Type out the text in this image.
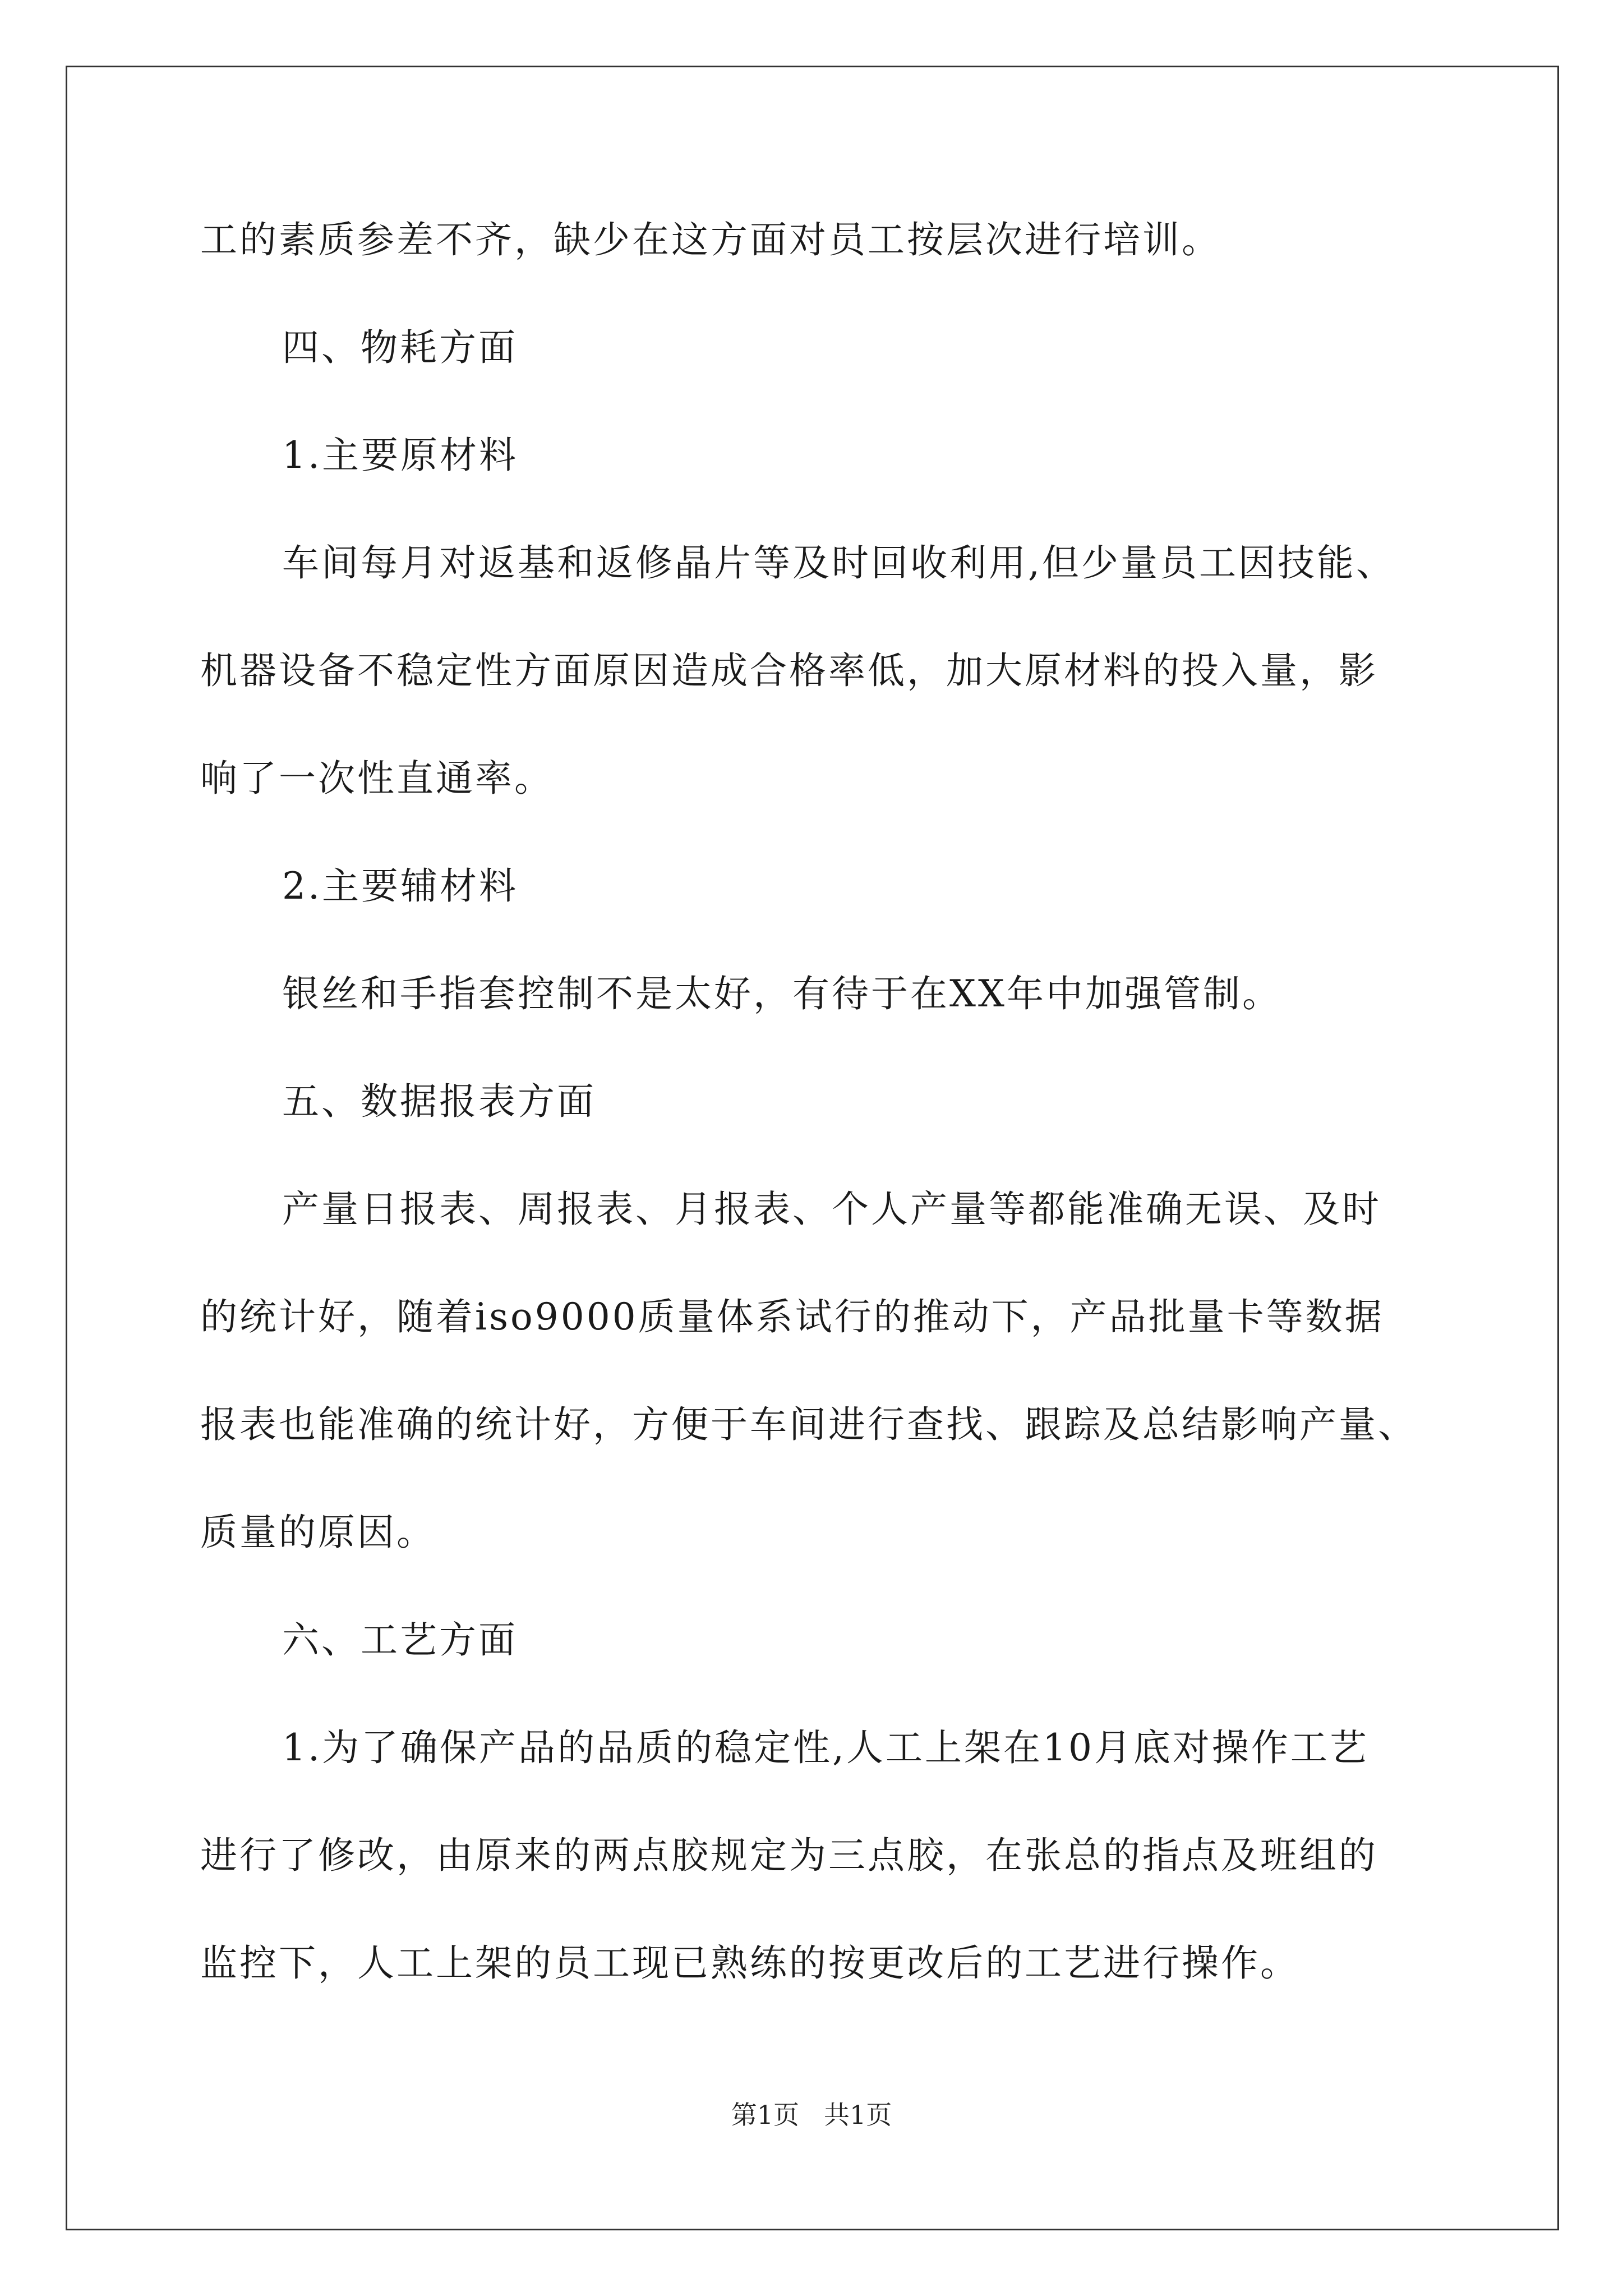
工的素质参差不齐，缺少在这方面对员工按层次进行培训。

四、物耗方面

1.主要原材料

车间每月对返基和返修晶片等及时回收利用,但少量员工因技能、

机器设备不稳定性方面原因造成合格率低，加大原材料的投入量，影

响了一次性直通率。

2.主要辅材料

银丝和手指套控制不是太好，有待于在XX年中加强管制。

五、数据报表方面

产量日报表、周报表、月报表、个人产量等都能准确无误、及时

的统计好，随着iso9000质量体系试行的推动下，产品批量卡等数据

报表也能准确的统计好，方便于车间进行查找、跟踪及总结影响产量、

质量的原因。

六、工艺方面

1.为了确保产品的品质的稳定性,人工上架在10月底对操作工艺

进行了修改，由原来的两点胶规定为三点胶，在张总的指点及班组的

监控下，人工上架的员工现已熟练的按更改后的工艺进行操作。

第1页 共1页
